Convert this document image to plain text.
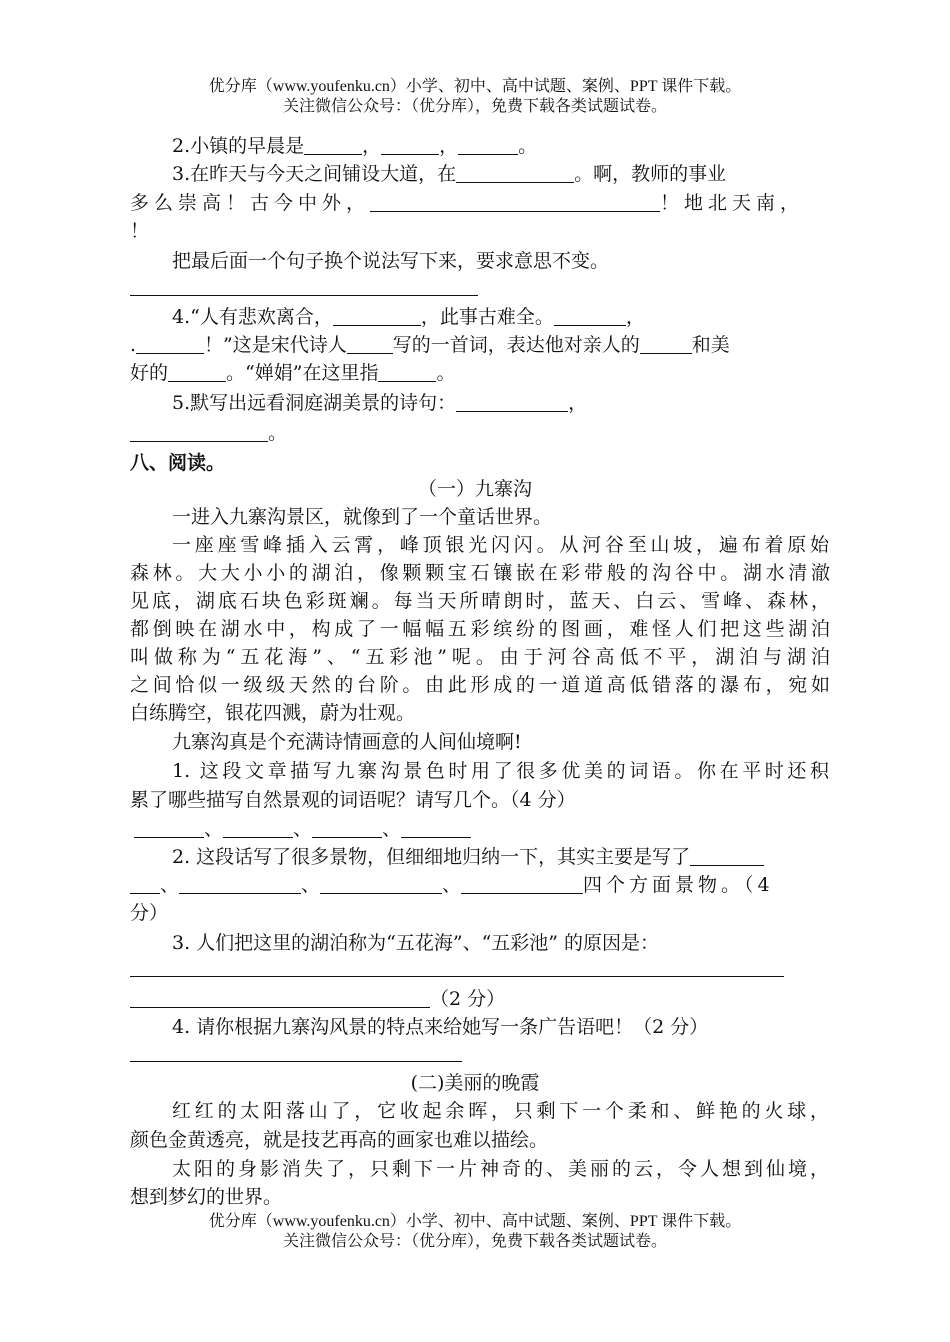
优分库（www.youfenku.cn）小学、初中、高中试题、案例、PPT 课件下载。
关注微信公众号：（优分库），免费下载各类试题试卷。
2.小镇的早晨是	，	，	。
3.在昨天与今天之间铺设大道，在	。啊，教师的事业
多么崇高！古今中外，	！地北天南，
！
把最后面一个句子换个说法写下来，要求意思不变。
4.“人有悲欢离合，	，此事古难全。	，
.	！”这是宋代诗人 写的一首词，表达他对亲人的	和美
好的	。“婵娟”在这里指	。
5.默写出远看洞庭湖美景的诗句：	，
。
八、阅读。
（一）九寨沟
一进入九寨沟景区，就像到了一个童话世界。
一座座雪峰插入云霄，峰顶银光闪闪。从河谷至山坡，遍布着原始
森林。大大小小的湖泊，像颗颗宝石镶嵌在彩带般的沟谷中。湖水清澈
见底，湖底石块色彩斑斓。每当天所晴朗时，蓝天、白云、雪峰、森林，
都倒映在湖水中，构成了一幅幅五彩缤纷的图画，难怪人们把这些湖泊
叫做称为“五花海”、“五彩池”呢。由于河谷高低不平，湖泊与湖泊
之间恰似一级级天然的台阶。由此形成的一道道高低错落的瀑布，宛如
白练腾空，银花四溅，蔚为壮观。
九寨沟真是个充满诗情画意的人间仙境啊!
1. 这段文章描写九寨沟景色时用了很多优美的词语。你在平时还积
累了哪些描写自然景观的词语呢？请写几个。（4 分）
、	、	、
2. 这段话写了很多景物，但细细地归纳一下，其实主要是写了
、	、	、	四个方面景物。（4
分）
3. 人们把这里的湖泊称为“五花海”、“五彩池” 的原因是：
（2 分）
4. 请你根据九寨沟风景的特点来给她写一条广告语吧！（2 分）
(二)美丽的晚霞
红红的太阳落山了，它收起余晖，只剩下一个柔和、鲜艳的火球，
颜色金黄透亮，就是技艺再高的画家也难以描绘。
太阳的身影消失了，只剩下一片神奇的、美丽的云，令人想到仙境，
想到梦幻的世界。
优分库（www.youfenku.cn）小学、初中、高中试题、案例、PPT 课件下载。
关注微信公众号：（优分库），免费下载各类试题试卷。
